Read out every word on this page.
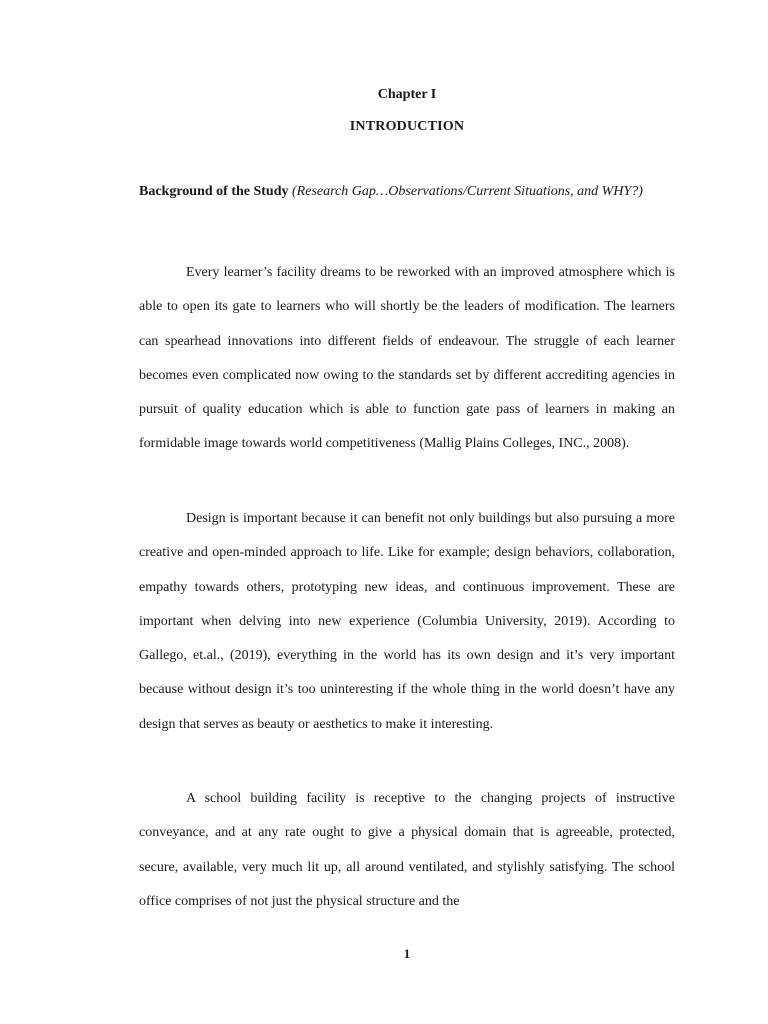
Chapter I
INTRODUCTION
Background of the Study (Research Gap…Observations/Current Situations, and WHY?)

Every learner’s facility dreams to be reworked with an improved atmosphere which is able to open its gate to learners who will shortly be the leaders of modification. The learners can spearhead innovations into different fields of endeavour. The struggle of each learner becomes even complicated now owing to the standards set by different accrediting agencies in pursuit of quality education which is able to function gate pass of learners in making an formidable image towards world competitiveness (Mallig Plains Colleges, INC., 2008).

Design is important because it can benefit not only buildings but also pursuing a more creative and open-minded approach to life. Like for example; design behaviors, collaboration, empathy towards others, prototyping new ideas, and continuous improvement. These are important when delving into new experience (Columbia University, 2019). According to Gallego, et.al., (2019), everything in the world has its own design and it’s very important because without design it’s too uninteresting if the whole thing in the world doesn’t have any design that serves as beauty or aesthetics to make it interesting.

A school building facility is receptive to the changing projects of instructive conveyance, and at any rate ought to give a physical domain that is agreeable, protected, secure, available, very much lit up, all around ventilated, and stylishly satisfying. The school office comprises of not just the physical structure and the

1
